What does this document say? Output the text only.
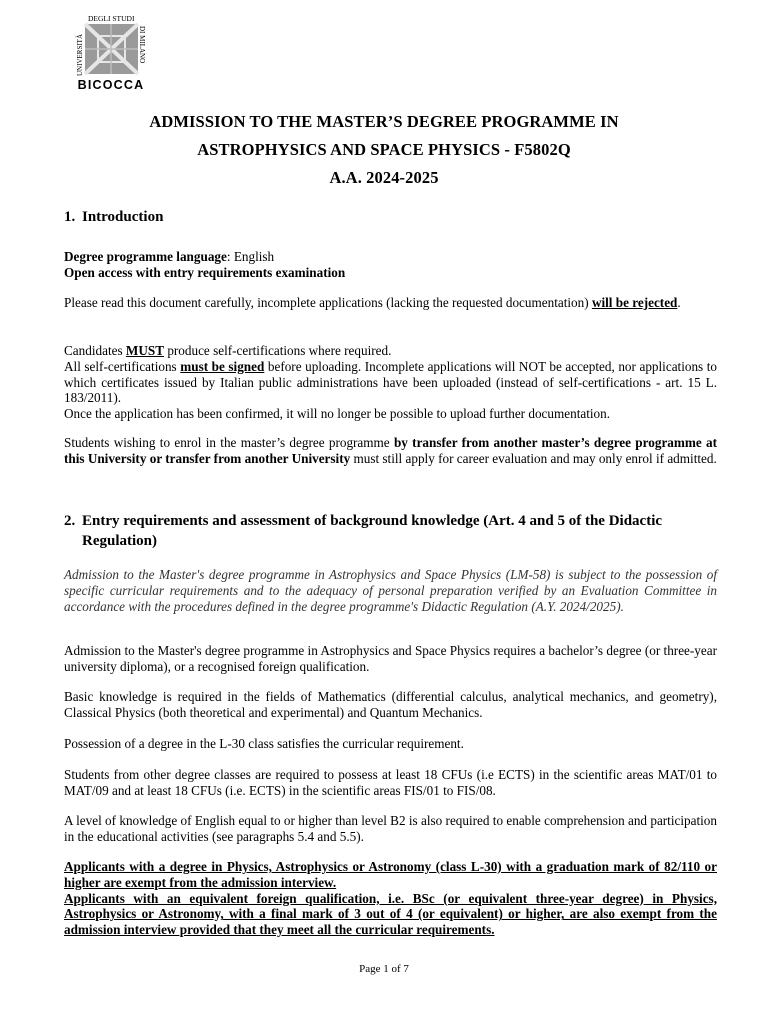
DEGLI STUDI
UNIVERSITÀ	DI MILANO
BICOCCA
ADMISSION TO THE MASTER’S DEGREE PROGRAMME IN
ASTROPHYSICS AND SPACE PHYSICS - F5802Q
A.A. 2024-2025
1. Introduction
Degree programme language: English
Open access with entry requirements examination
Please read this document carefully, incomplete applications (lacking the requested documentation) will be rejected.
Candidates MUST produce self-certifications where required.
All self-certifications must be signed before uploading. Incomplete applications will NOT be accepted, nor applications to which certificates issued by Italian public administrations have been uploaded (instead of self-certifications - art. 15 L. 183/2011).
Once the application has been confirmed, it will no longer be possible to upload further documentation.
Students wishing to enrol in the master’s degree programme by transfer from another master’s degree programme at this University or transfer from another University must still apply for career evaluation and may only enrol if admitted.
2. Entry requirements and assessment of background knowledge (Art. 4 and 5 of the Didactic
Regulation)
Admission to the Master's degree programme in Astrophysics and Space Physics (LM-58) is subject to the possession of specific curricular requirements and to the adequacy of personal preparation verified by an Evaluation Committee in accordance with the procedures defined in the degree programme's Didactic Regulation (A.Y. 2024/2025).
Admission to the Master's degree programme in Astrophysics and Space Physics requires a bachelor’s degree (or three-year university diploma), or a recognised foreign qualification.
Basic knowledge is required in the fields of Mathematics (differential calculus, analytical mechanics, and geometry), Classical Physics (both theoretical and experimental) and Quantum Mechanics.
Possession of a degree in the L-30 class satisfies the curricular requirement.
Students from other degree classes are required to possess at least 18 CFUs (i.e ECTS) in the scientific areas MAT/01 to MAT/09 and at least 18 CFUs (i.e. ECTS) in the scientific areas FIS/01 to FIS/08.
A level of knowledge of English equal to or higher than level B2 is also required to enable comprehension and participation in the educational activities (see paragraphs 5.4 and 5.5).
Applicants with a degree in Physics, Astrophysics or Astronomy (class L-30) with a graduation mark of 82/110 or higher are exempt from the admission interview.
Applicants with an equivalent foreign qualification, i.e. BSc (or equivalent three-year degree) in Physics, Astrophysics or Astronomy, with a final mark of 3 out of 4 (or equivalent) or higher, are also exempt from the admission interview provided that they meet all the curricular requirements.
Page 1 of 7
